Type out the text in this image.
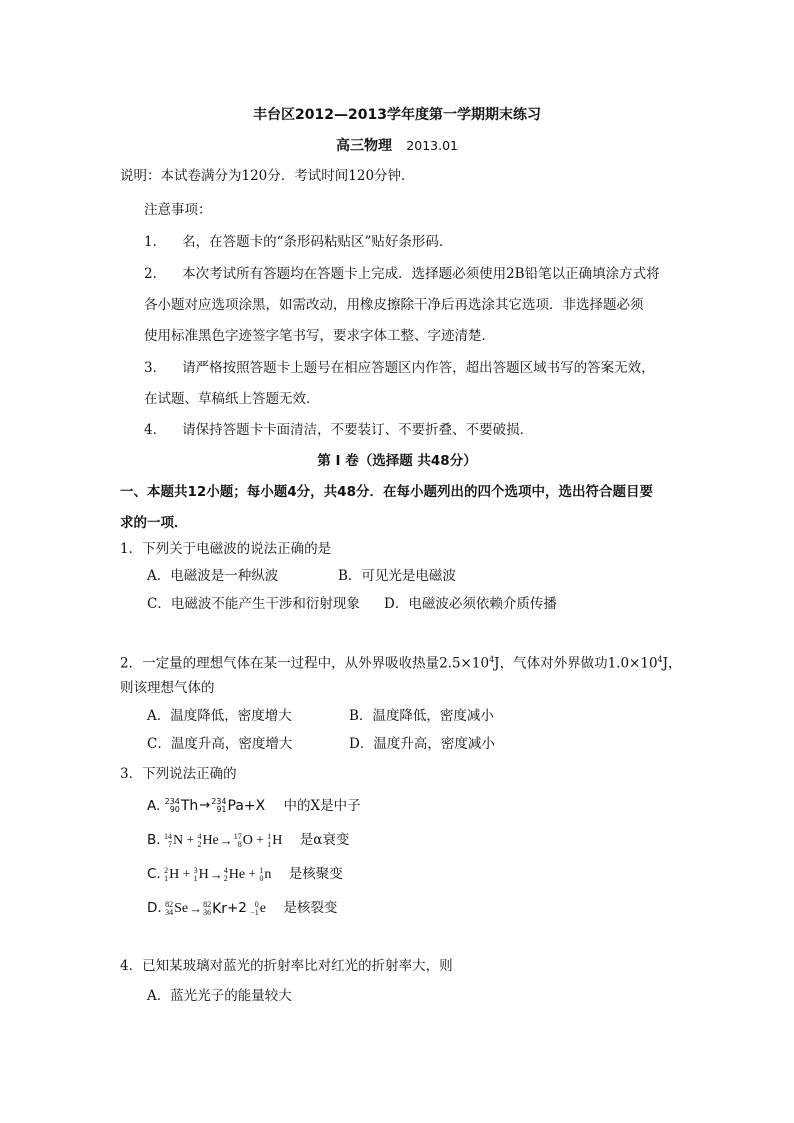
丰台区2012—2013学年度第一学期期末练习
高三物理 2013.01
说明：本试卷满分为120分．考试时间120分钟．
注意事项：
1． 名，在答题卡的“条形码粘贴区”贴好条形码．
2． 本次考试所有答题均在答题卡上完成．选择题必须使用2B铅笔以正确填涂方式将
各小题对应选项涂黑，如需改动，用橡皮擦除干净后再选涂其它选项．非选择题必须
使用标准黑色字迹签字笔书写，要求字体工整、字迹清楚．
3． 请严格按照答题卡上题号在相应答题区内作答，超出答题区域书写的答案无效，
在试题、草稿纸上答题无效．
4． 请保持答题卡卡面清洁，不要装订、不要折叠、不要破损．
第 I 卷（选择题 共48分）
一、本题共12小题；每小题4分，共48分．在每小题列出的四个选项中，选出符合题目要
求的一项．
1．下列关于电磁波的说法正确的是
A．电磁波是一种纵波	B．可见光是电磁波
C．电磁波不能产生干涉和衍射现象 D．电磁波必须依赖介质传播
2．一定量的理想气体在某一过程中，从外界吸收热量$2.5\times 10^4J$，气体对外界做功$1.0\times 10^4J$，
则该理想气体的
A．温度降低，密度增大	B．温度降低，密度减小
C．温度升高，密度增大	D．温度升高，密度减小
3．下列说法正确的
A. 234
90 Th→ 234
91 Pa+X 中的X是中子
B. 14
7 N + 4
2 He→ 17
8 O + 1
1 H 是α衰变
C. 2
1 H + 3
1 H→ 4
2 He + 1
0 n 是核聚变
D. 82
34 Se→ 82
36 Kr+2 0
−1 e 是核裂变
4．已知某玻璃对蓝光的折射率比对红光的折射率大，则
A．蓝光光子的能量较大
